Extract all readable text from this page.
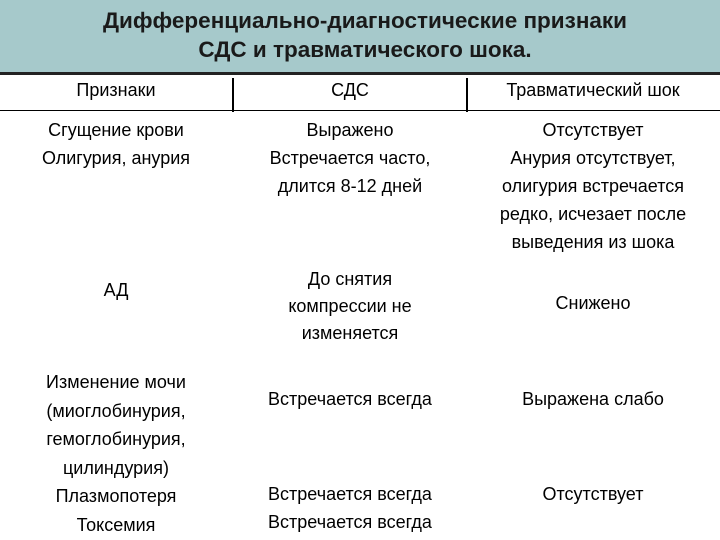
Дифференциально-диагностические признаки
СДС и травматического шока.
Признаки	СДС	Травматический шок
Сгущение крови
Олигурия, анурия
Выражено
Встречается часто,
длится 8-12 дней
Отсутствует
Анурия отсутствует,
олигурия встречается
редко, исчезает после
выведения из шока
АД
До снятия
компрессии не
изменяется
Снижено
Изменение мочи
(миоглобинурия,
гемоглобинурия,
цилиндурия)
Плазмопотеря
Токсемия
Встречается всегда
Встречается всегда
Встречается всегда
Выражена слабо
Отсутствует
